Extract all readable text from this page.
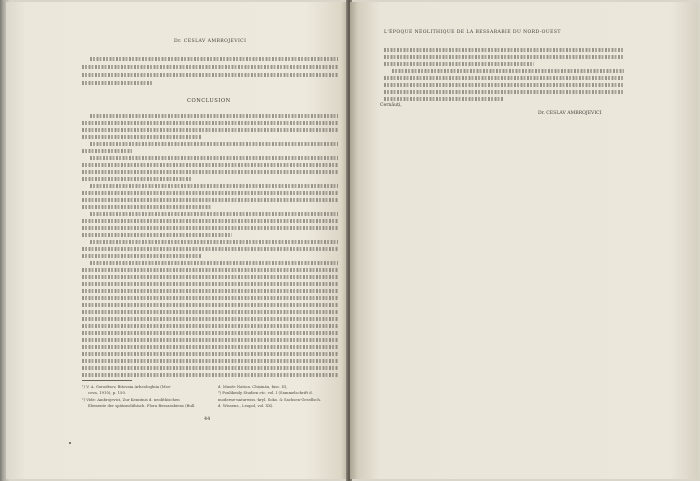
Dr. CESLAV AMBROJEVICI
CONCLUSION
¹) V. A. Gorodtsov, Bitovaia Arheologhiia (Mos-
cova, 1910), p. 150.
²) Vide: Ambrojevici, Zur Kenntnis d. neolithischen
Elemente der spätneolithisch. Flora Bessarabiens (Bull.
d. Musée Nation. Chișinău, fasc. II),
³) Poulikeidy Studien etc. vol. I (Sammelschrift d.
moderne-naturwiss.-kryl. Soko. & Sachsen-Gesellsch.
d. Wissens., Leopol, vol. XX).
44
L'ÉPOQUE NÉOLITHIQUE DE LA BESSARABIE DU NORD-OUEST
Cernăuți,
Dr. CESLAV AMBROJEVICI
